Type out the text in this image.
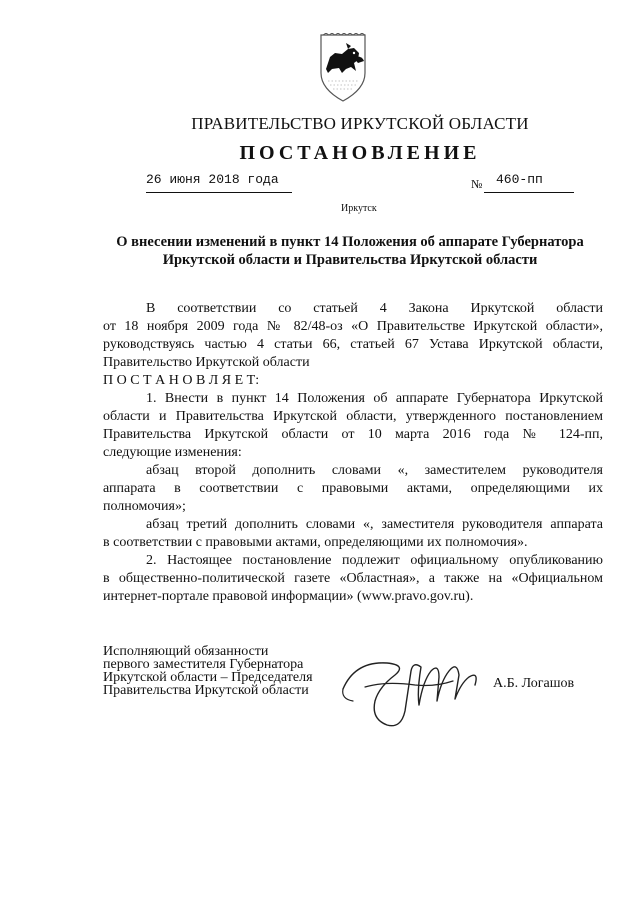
ПРАВИТЕЛЬСТВО ИРКУТСКОЙ ОБЛАСТИ
ПОСТАНОВЛЕНИЕ
26 июня 2018 года	№ 460-пп
Иркутск
О внесении изменений в пункт 14 Положения об аппарате Губернатора
Иркутской области и Правительства Иркутской области
В соответствии со статьей 4 Закона Иркутской области
от 18 ноября 2009 года № 82/48-оз «О Правительстве Иркутской области»,
руководствуясь частью 4 статьи 66, статьей 67 Устава Иркутской области,
Правительство Иркутской области
П О С Т А Н О В Л Я Е Т:
1. Внести в пункт 14 Положения об аппарате Губернатора Иркутской
области и Правительства Иркутской области, утвержденного постановлением
Правительства Иркутской области от 10 марта 2016 года № 124-пп,
следующие изменения:
абзац второй дополнить словами «, заместителем руководителя
аппарата в соответствии с правовыми актами, определяющими их
полномочия»;
абзац третий дополнить словами «, заместителя руководителя аппарата
в соответствии с правовыми актами, определяющими их полномочия».
2. Настоящее постановление подлежит официальному опубликованию
в общественно-политической газете «Областная», а также на «Официальном
интернет-портале правовой информации» (www.pravo.gov.ru).
Исполняющий обязанности
первого заместителя Губернатора
Иркутской области – Председателя
Правительства Иркутской области	А.Б. Логашов
